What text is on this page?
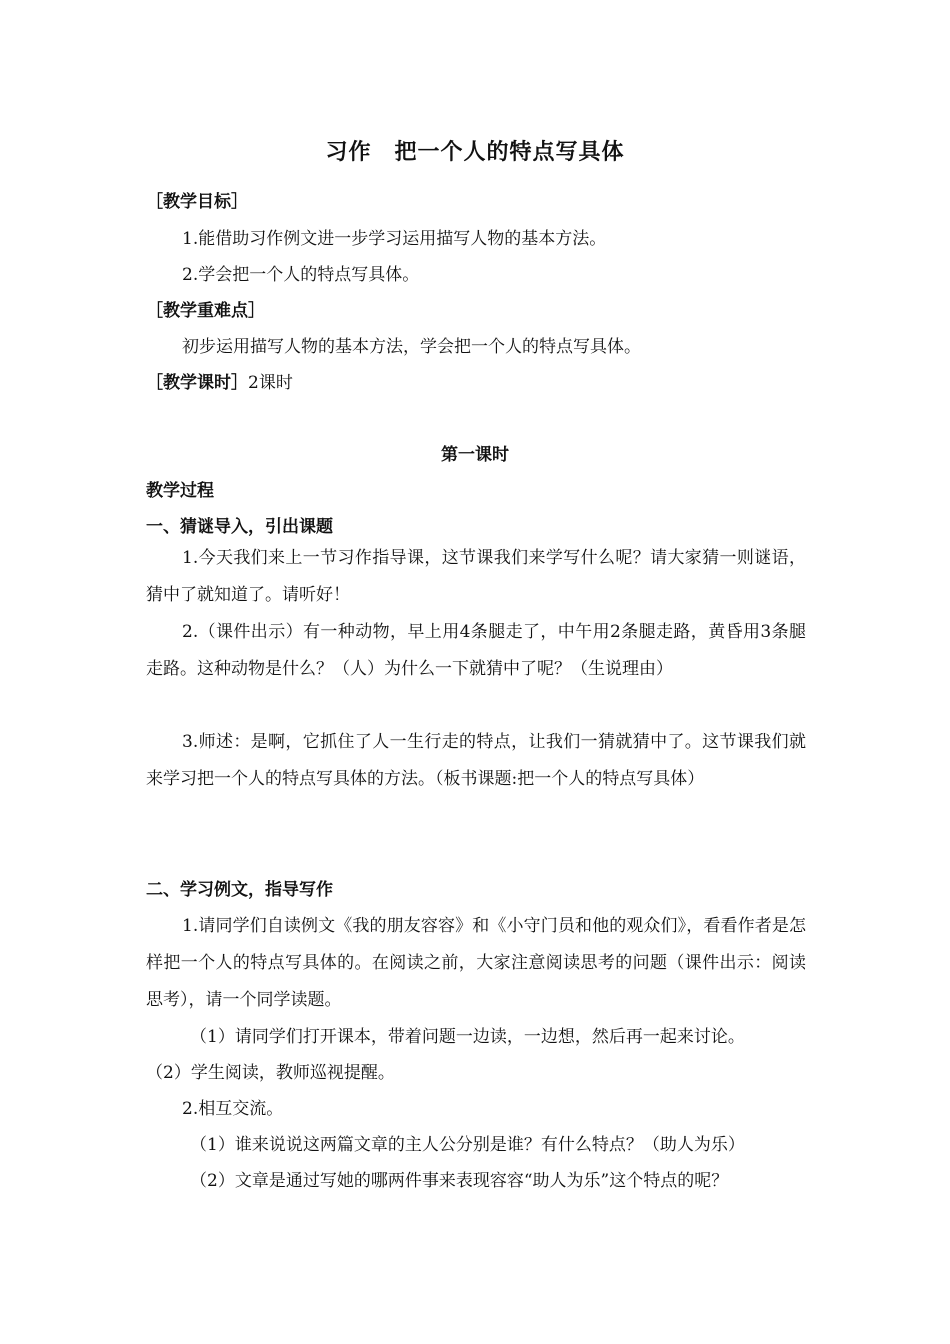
习作　把一个人的特点写具体
［教学目标］
1.能借助习作例文进一步学习运用描写人物的基本方法。
2.学会把一个人的特点写具体。
［教学重难点］
初步运用描写人物的基本方法，学会把一个人的特点写具体。
［教学课时］2课时
第一课时
教学过程
一、猜谜导入，引出课题
1.今天我们来上一节习作指导课，这节课我们来学写什么呢？请大家猜一则谜语，猜中了就知道了。请听好！
2.（课件出示）有一种动物，早上用4条腿走了，中午用2条腿走路，黄昏用3条腿走路。这种动物是什么？（人）为什么一下就猜中了呢？（生说理由）
3.师述：是啊，它抓住了人一生行走的特点，让我们一猜就猜中了。这节课我们就来学习把一个人的特点写具体的方法。（板书课题:把一个人的特点写具体）
二、学习例文，指导写作
1.请同学们自读例文《我的朋友容容》和《小守门员和他的观众们》，看看作者是怎样把一个人的特点写具体的。在阅读之前，大家注意阅读思考的问题（课件出示：阅读思考），请一个同学读题。
（1）请同学们打开课本，带着问题一边读，一边想，然后再一起来讨论。
（2）学生阅读，教师巡视提醒。
2.相互交流。
（1）谁来说说这两篇文章的主人公分别是谁？有什么特点？（助人为乐）
（2）文章是通过写她的哪两件事来表现容容“助人为乐”这个特点的呢？
